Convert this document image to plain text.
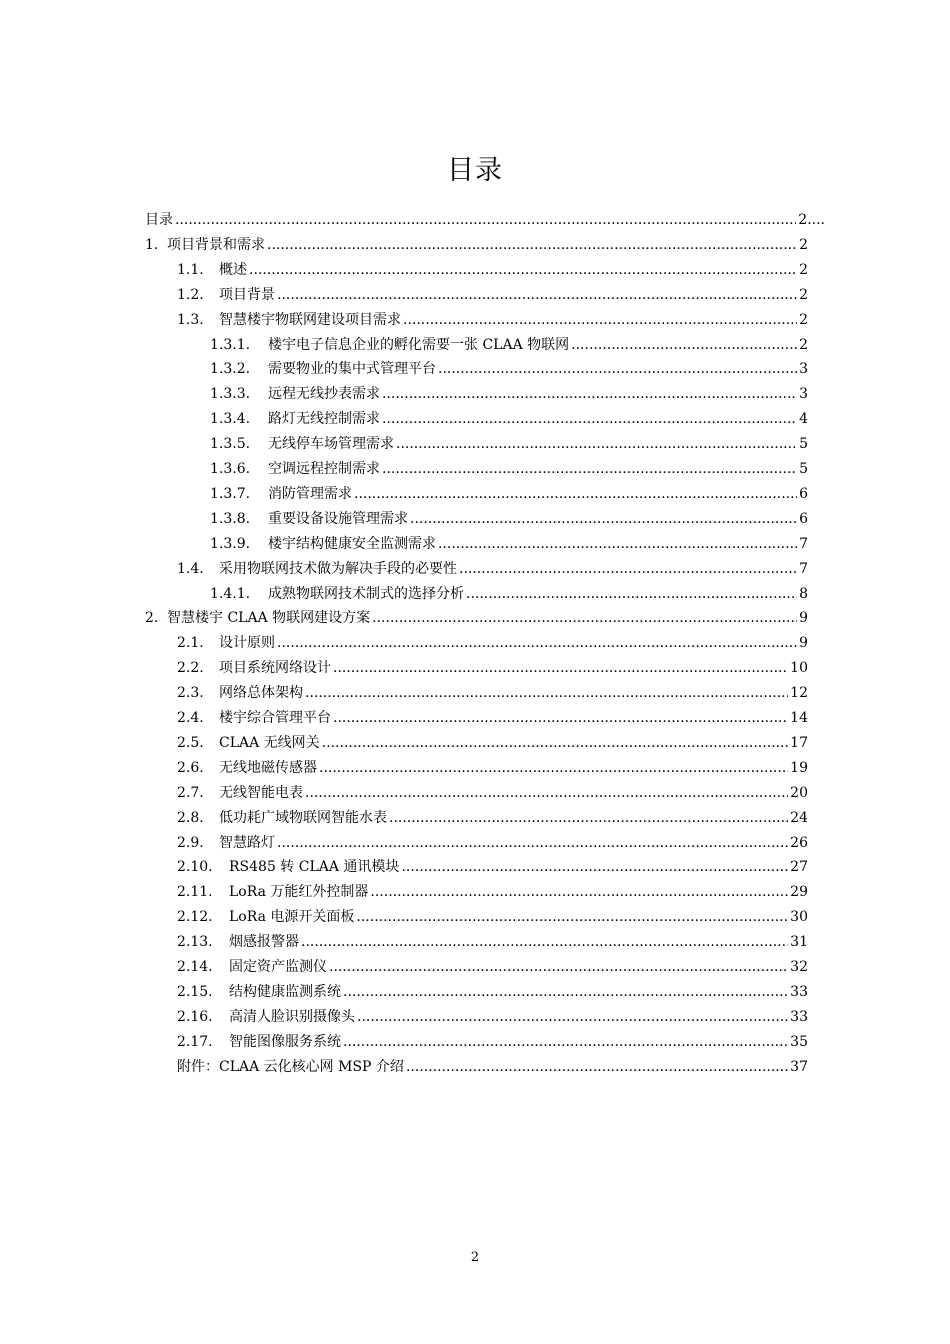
目录
目录 .....	2....
1. 项目背景和需求 .....	2
1.1.	概述 .....	2
1.2.	项目背景 .....	2
1.3.	智慧楼宇物联网建设项目需求 .....	2
1.3.1.	楼宇电子信息企业的孵化需要一张 CLAA 物联网 .....	2
1.3.2.	需要物业的集中式管理平台 .....	3
1.3.3.	远程无线抄表需求 .....	3
1.3.4.	路灯无线控制需求 .....	4
1.3.5.	无线停车场管理需求 .....	5
1.3.6.	空调远程控制需求 .....	5
1.3.7.	消防管理需求 .....	6
1.3.8.	重要设备设施管理需求 .....	6
1.3.9.	楼宇结构健康安全监测需求 .....	7
1.4.	采用物联网技术做为解决手段的必要性 .....	7
1.4.1.	成熟物联网技术制式的选择分析 .....	8
2. 智慧楼宇 CLAA 物联网建设方案 .....	9
2.1.	设计原则 .....	9
2.2.	项目系统网络设计 .....	10
2.3.	网络总体架构 .....	12
2.4.	楼宇综合管理平台 .....	14
2.5.	CLAA 无线网关 .....	17
2.6.	无线地磁传感器 .....	19
2.7.	无线智能电表 .....	20
2.8.	低功耗广域物联网智能水表 .....	24
2.9.	智慧路灯 .....	26
2.10.	RS485 转 CLAA 通讯模块 .....	27
2.11.	LoRa 万能红外控制器 .....	29
2.12.	LoRa 电源开关面板 .....	30
2.13.	烟感报警器 .....	31
2.14.	固定资产监测仪 .....	32
2.15.	结构健康监测系统 .....	33
2.16.	高清人脸识别摄像头 .....	33
2.17.	智能图像服务系统 .....	35
附件：CLAA 云化核心网 MSP 介绍 .....	37
2
